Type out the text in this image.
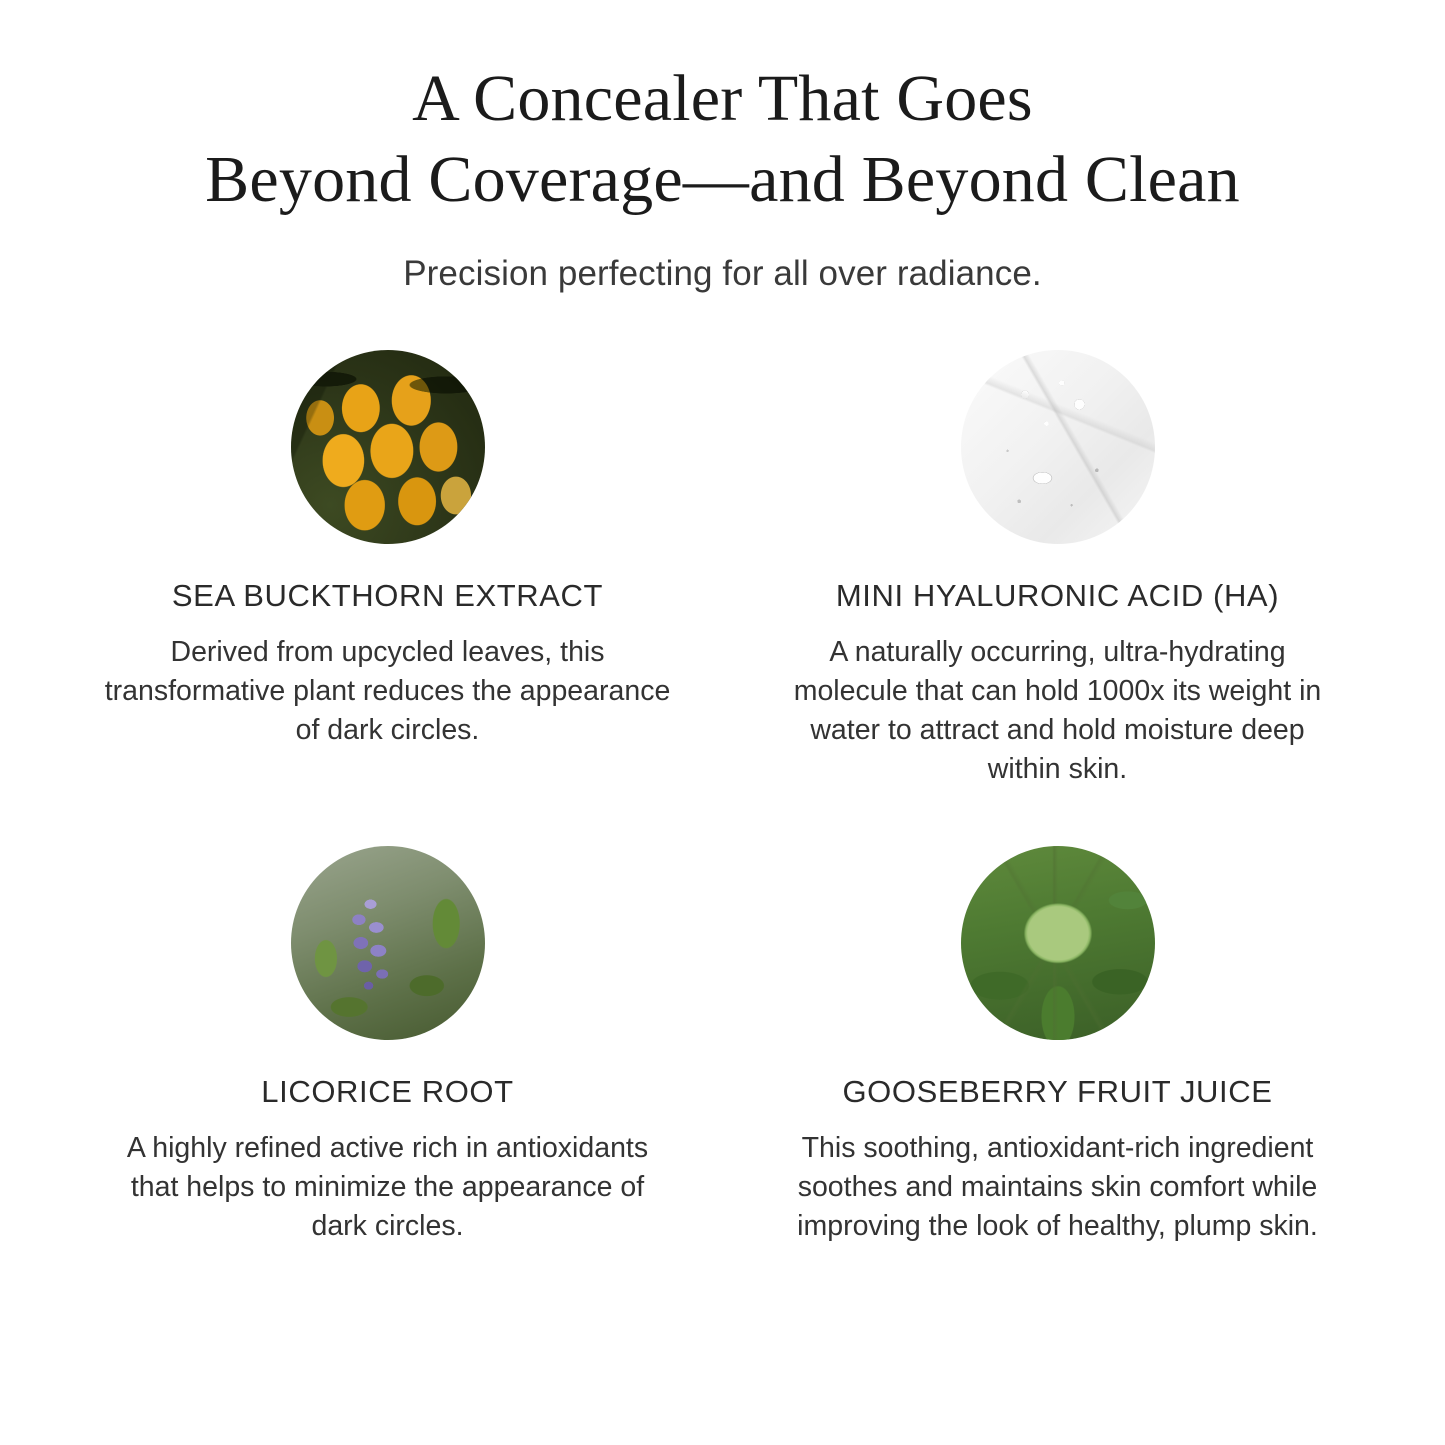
A Concealer That Goes
Beyond Coverage—and Beyond Clean
Precision perfecting for all over radiance.
SEA BUCKTHORN EXTRACT
Derived from upcycled leaves, this transformative plant reduces the appearance of dark circles.
MINI HYALURONIC ACID (HA)
A naturally occurring, ultra-hydrating molecule that can hold 1000x its weight in water to attract and hold moisture deep within skin.
LICORICE ROOT
A highly refined active rich in antioxidants that helps to minimize the appearance of dark circles.
GOOSEBERRY FRUIT JUICE
This soothing, antioxidant-rich ingredient soothes and maintains skin comfort while improving the look of healthy, plump skin.
